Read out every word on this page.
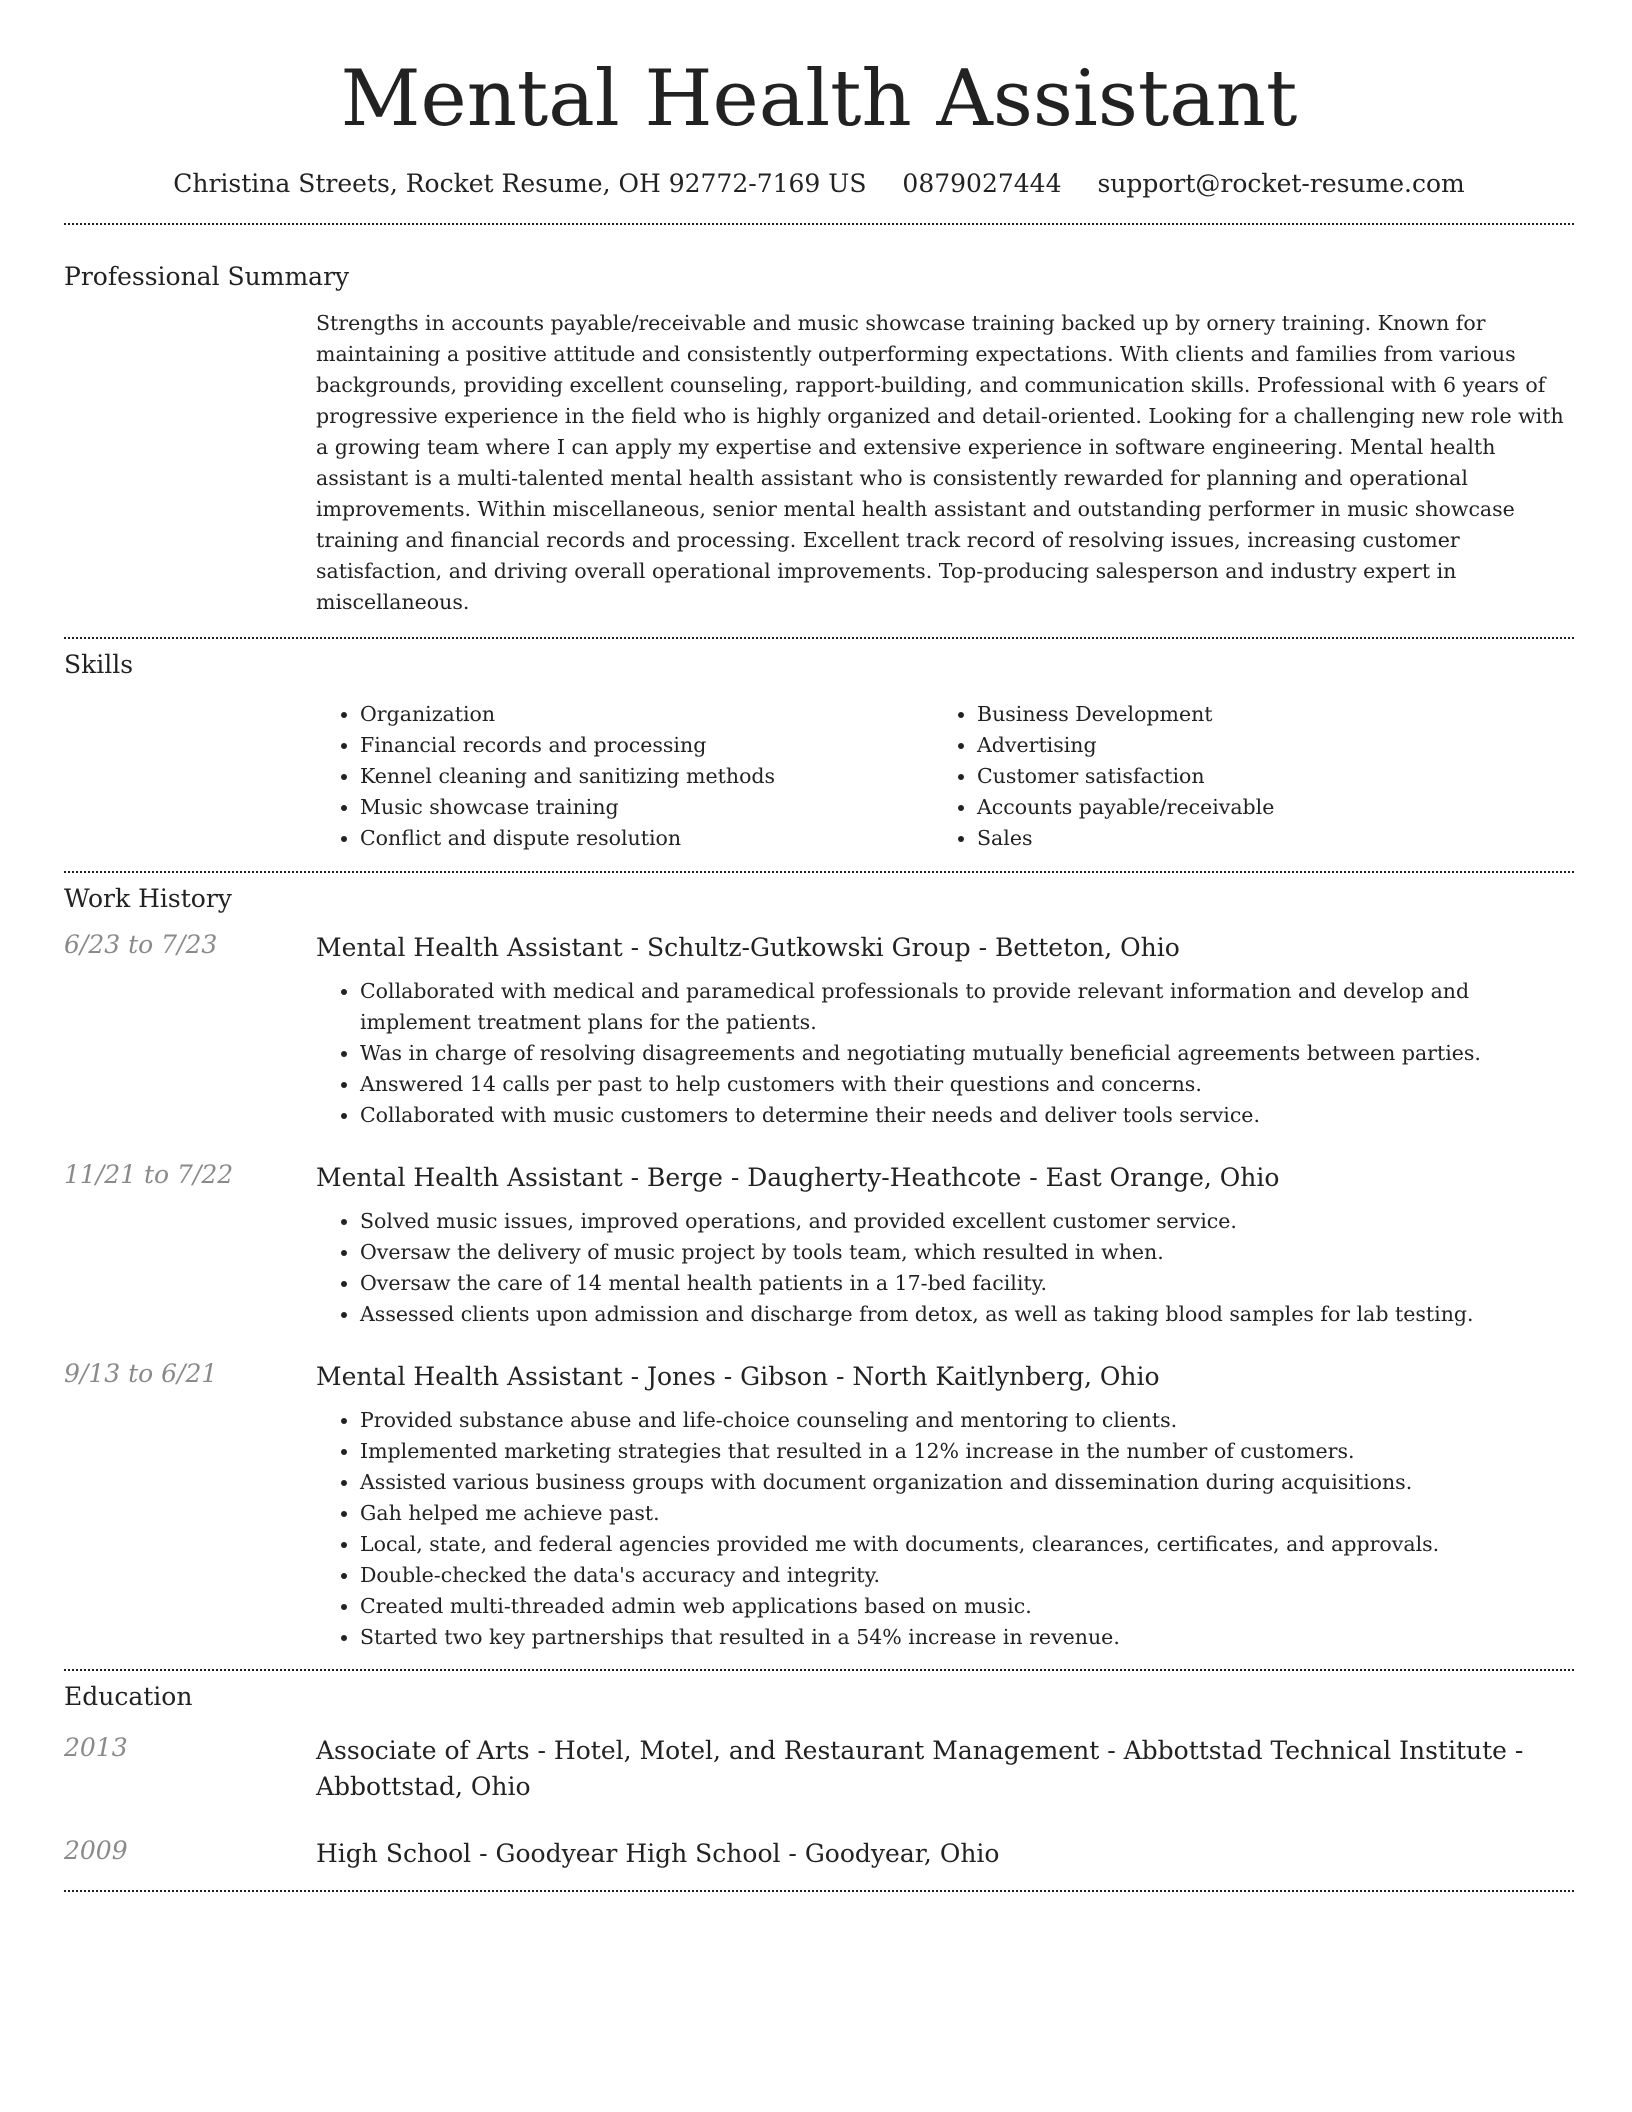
Mental Health Assistant
Christina Streets, Rocket Resume, OH 92772-7169 US 0879027444 support@rocket-resume.com
Professional Summary

Strengths in accounts payable/receivable and music showcase training backed up by ornery training. Known for maintaining a positive attitude and consistently outperforming expectations. With clients and families from various backgrounds, providing excellent counseling, rapport-building, and communication skills. Professional with 6 years of progressive experience in the field who is highly organized and detail-oriented. Looking for a challenging new role with a growing team where I can apply my expertise and extensive experience in software engineering. Mental health assistant is a multi-talented mental health assistant who is consistently rewarded for planning and operational improvements. Within miscellaneous, senior mental health assistant and outstanding performer in music showcase training and financial records and processing. Excellent track record of resolving issues, increasing customer satisfaction, and driving overall operational improvements. Top-producing salesperson and industry expert in miscellaneous.

Skills
• Organization
• Financial records and processing
• Kennel cleaning and sanitizing methods
• Music showcase training
• Conflict and dispute resolution
• Business Development
• Advertising
• Customer satisfaction
• Accounts payable/receivable
• Sales
Work History
6/23 to 7/23	Mental Health Assistant - Schultz-Gutkowski Group - Betteton, Ohio
• Collaborated with medical and paramedical professionals to provide relevant information and develop and implement treatment plans for the patients.
• Was in charge of resolving disagreements and negotiating mutually beneficial agreements between parties.
• Answered 14 calls per past to help customers with their questions and concerns.
• Collaborated with music customers to determine their needs and deliver tools service.
11/21 to 7/22	Mental Health Assistant - Berge - Daugherty-Heathcote - East Orange, Ohio
• Solved music issues, improved operations, and provided excellent customer service.
• Oversaw the delivery of music project by tools team, which resulted in when.
• Oversaw the care of 14 mental health patients in a 17-bed facility.
• Assessed clients upon admission and discharge from detox, as well as taking blood samples for lab testing.
9/13 to 6/21	Mental Health Assistant - Jones - Gibson - North Kaitlynberg, Ohio
• Provided substance abuse and life-choice counseling and mentoring to clients.
• Implemented marketing strategies that resulted in a 12% increase in the number of customers.
• Assisted various business groups with document organization and dissemination during acquisitions.
• Gah helped me achieve past.
• Local, state, and federal agencies provided me with documents, clearances, certificates, and approvals.
• Double-checked the data's accuracy and integrity.
• Created multi-threaded admin web applications based on music.
• Started two key partnerships that resulted in a 54% increase in revenue.
Education
2013	Associate of Arts - Hotel, Motel, and Restaurant Management - Abbottstad Technical Institute - Abbottstad, Ohio
2009	High School - Goodyear High School - Goodyear, Ohio
